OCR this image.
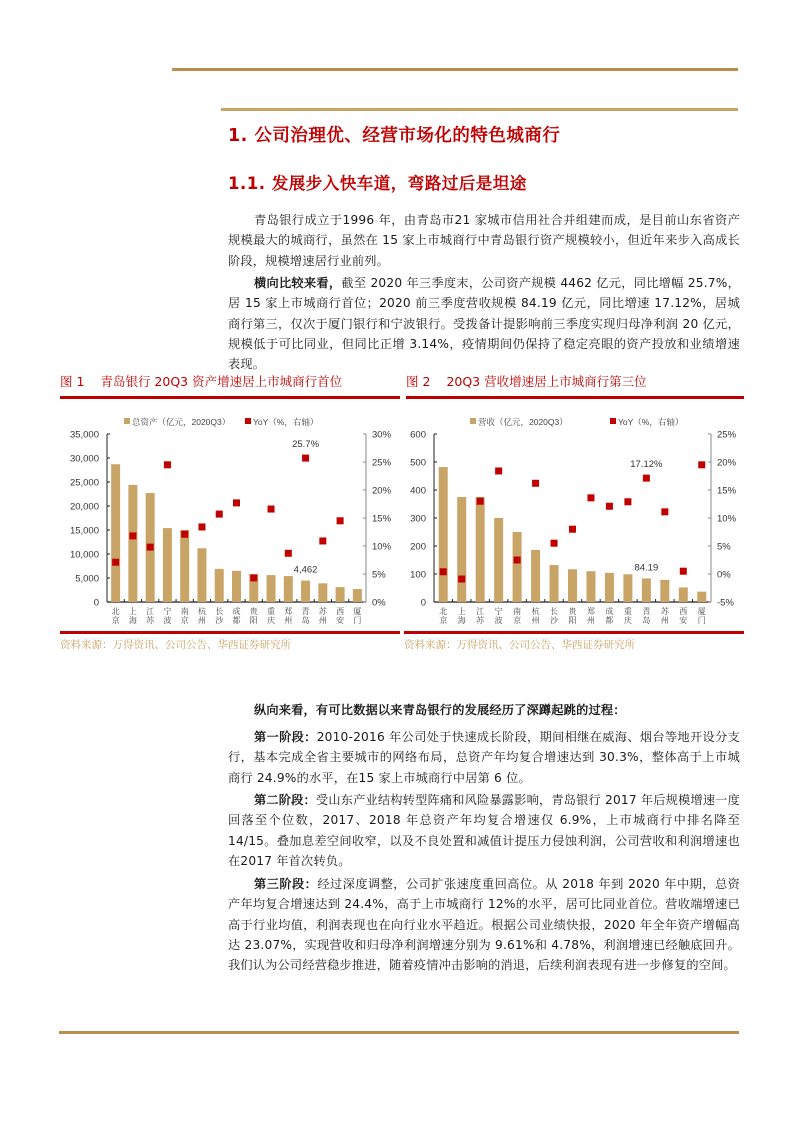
1. 公司治理优、经营市场化的特色城商行
1.1. 发展步入快车道，弯路过后是坦途

青岛银行成立于1996 年，由青岛市21 家城市信用社合并组建而成，是目前山东省资产规模最大的城商行，虽然在 15 家上市城商行中青岛银行资产规模较小，但近年来步入高成长阶段，规模增速居行业前列。

横向比较来看，截至 2020 年三季度末，公司资产规模 4462 亿元，同比增幅 25.7%，居 15 家上市城商行首位；2020 前三季度营收规模 84.19 亿元，同比增速 17.12%，居城商行第三，仅次于厦门银行和宁波银行。受拨备计提影响前三季度实现归母净利润 20 亿元，规模低于可比同业，但同比正增 3.14%，疫情期间仍保持了稳定亮眼的资产投放和业绩增速表现。

图 1 青岛银行 20Q3 资产增速居上市城商行首位
总资产（亿元，2020Q3）	YoY（%，右轴）
0
5,000
10,000
15,000
20,000
25,000
30,000
35,000
0%
5%
10%
15%
20%
25%
30%
北
京
上
海
江
苏
宁
波
南
京
杭
州
长
沙
成
都
贵
阳
重
庆
郑
州
青
岛
苏
州
西
安
厦
门
4,462
25.7%
资料来源：万得资讯、公司公告、华西证券研究所
图 2 20Q3 营收增速居上市城商行第三位
营收（亿元，2020Q3）	YoY（%，右轴）
0
100
200
300
400
500
600
-5%
0%
5%
10%
15%
20%
25%
北
京
上
海
江
苏
宁
波
南
京
杭
州
长
沙
贵
阳
郑
州
成
都
重
庆
青
岛
苏
州
西
安
厦
门
84.19
17.12%
资料来源：万得资讯、公司公告、华西证券研究所

纵向来看，有可比数据以来青岛银行的发展经历了深蹲起跳的过程：

第一阶段：2010-2016 年公司处于快速成长阶段，期间相继在威海、烟台等地开设分支行，基本完成全省主要城市的网络布局，总资产年均复合增速达到 30.3%，整体高于上市城商行 24.9%的水平，在15 家上市城商行中居第 6 位。

第二阶段：受山东产业结构转型阵痛和风险暴露影响，青岛银行 2017 年后规模增速一度回落至个位数，2017、2018 年总资产年均复合增速仅 6.9%，上市城商行中排名降至 14/15。叠加息差空间收窄，以及不良处置和减值计提压力侵蚀利润，公司营收和利润增速也在2017 年首次转负。

第三阶段：经过深度调整，公司扩张速度重回高位。从 2018 年到 2020 年中期，总资产年均复合增速达到 24.4%，高于上市城商行 12%的水平，居可比同业首位。营收端增速已高于行业均值，利润表现也在向行业水平趋近。根据公司业绩快报，2020 年全年资产增幅高达 23.07%，实现营收和归母净利润增速分别为 9.61%和 4.78%，利润增速已经触底回升。我们认为公司经营稳步推进，随着疫情冲击影响的消退，后续利润表现有进一步修复的空间。
